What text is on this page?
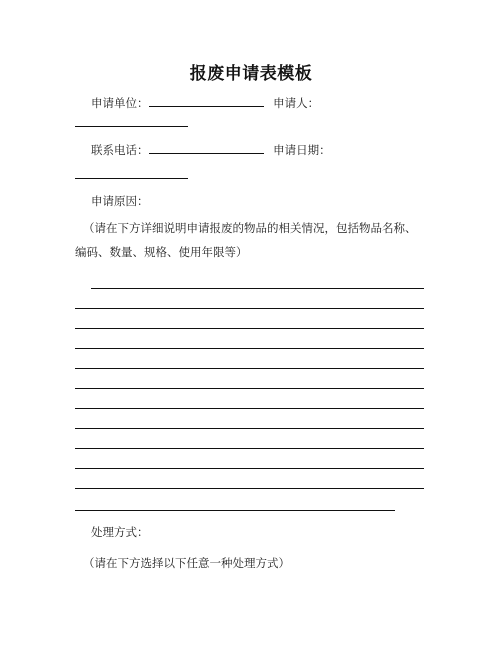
报废申请表模板
申请单位：	申请人：
联系电话：	申请日期：
申请原因：
（请在下方详细说明申请报废的物品的相关情况，包括物品名称、
编码、数量、规格、使用年限等）
处理方式：
（请在下方选择以下任意一种处理方式）
